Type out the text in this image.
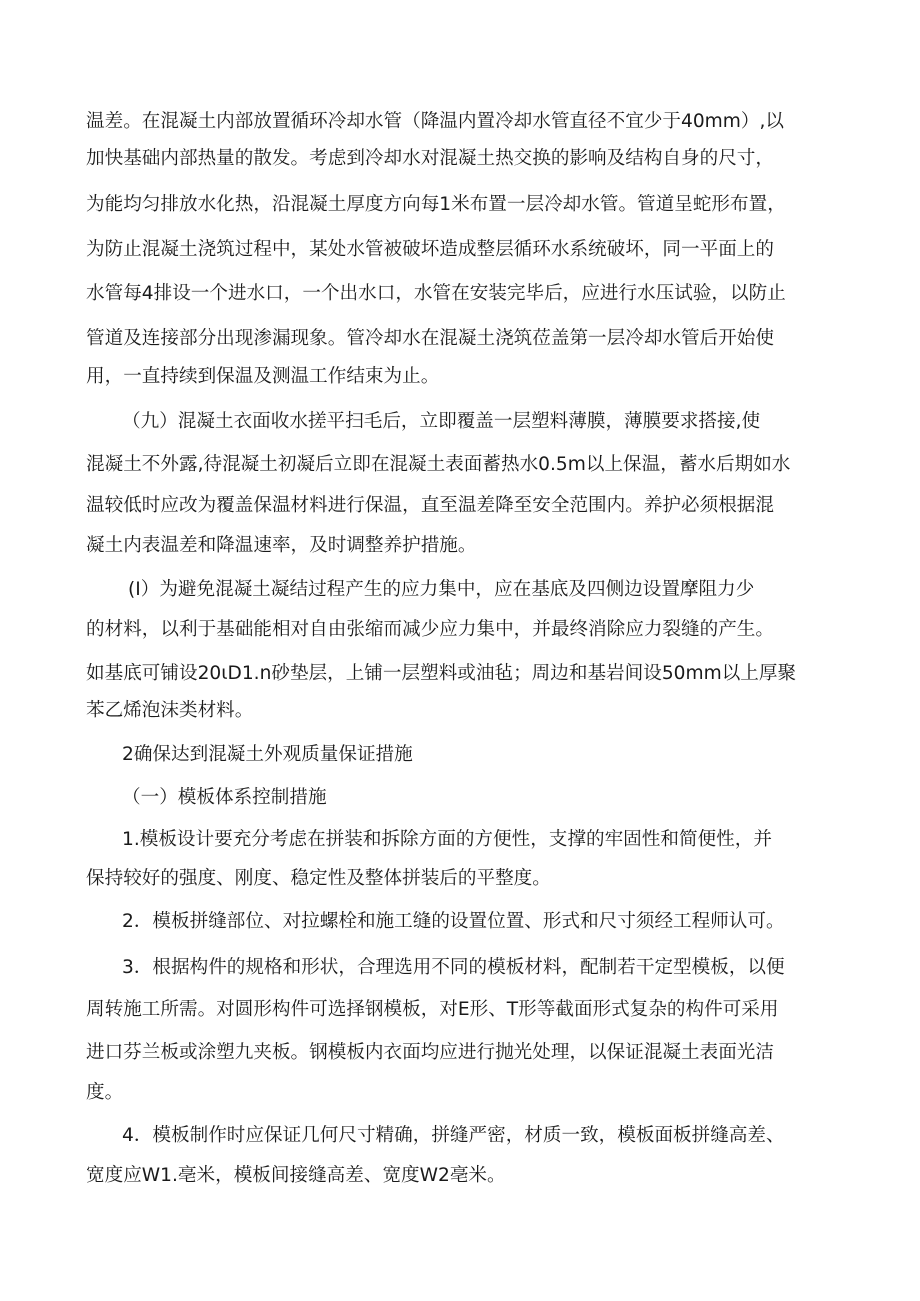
温差。在混凝土内部放置循环冷却水管（降温内置冷却水管直径不宜少于40mm）,以
加快基础内部热量的散发。考虑到冷却水对混凝土热交换的影响及结构自身的尺寸，
为能均匀排放水化热，沿混凝土厚度方向每1米布置一层冷却水管。管道呈蛇形布置，
为防止混凝土浇筑过程中，某处水管被破坏造成整层循环水系统破坏，同一平面上的
水管每4排设一个进水口，一个出水口，水管在安装完毕后，应进行水压试验，以防止
管道及连接部分出现渗漏现象。管冷却水在混凝土浇筑莅盖第一层冷却水管后开始使
用，一直持续到保温及测温工作结束为止。
（九）混凝土衣面收水搓平扫毛后，立即覆盖一层塑料薄膜，薄膜要求搭接,使
混凝土不外露,待混凝土初凝后立即在混凝土表面蓄热水0.5m以上保温，蓄水后期如水
温较低时应改为覆盖保温材料进行保温，直至温差降至安全范围内。养护必须根据混
凝土内表温差和降温速率，及时调整养护措施。
(I）为避免混凝土凝结过程产生的应力集中，应在基底及四侧边设置摩阻力少
的材料，以利于基础能相对自由张缩而减少应力集中，并最终消除应力裂缝的产生。
如基底可铺设20ιD1.n砂垫层，上铺一层塑料或油毡；周边和基岩间设50mm以上厚聚
苯乙烯泡沫类材料。
2确保达到混凝土外观质量保证措施
（一）模板体系控制措施
1.模板设计要充分考虑在拼装和拆除方面的方便性，支撑的牢固性和简便性，并
保持较好的强度、刚度、稳定性及整体拼装后的平整度。
2．模板拼缝部位、对拉螺栓和施工缝的设置位置、形式和尺寸须经工程师认可。
3．根据构件的规格和形状，合理选用不同的模板材料，配制若干定型模板，以便
周转施工所需。对圆形构件可选择钢模板，对E形、T形等截面形式复杂的构件可采用
进口芬兰板或涂塑九夹板。钢模板内衣面均应进行抛光处理，以保证混凝土表面光洁
度。
4．模板制作时应保证几何尺寸精确，拼缝严密，材质一致，模板面板拼缝高差、
宽度应W1.亳米，模板间接缝高差、宽度W2亳米。
